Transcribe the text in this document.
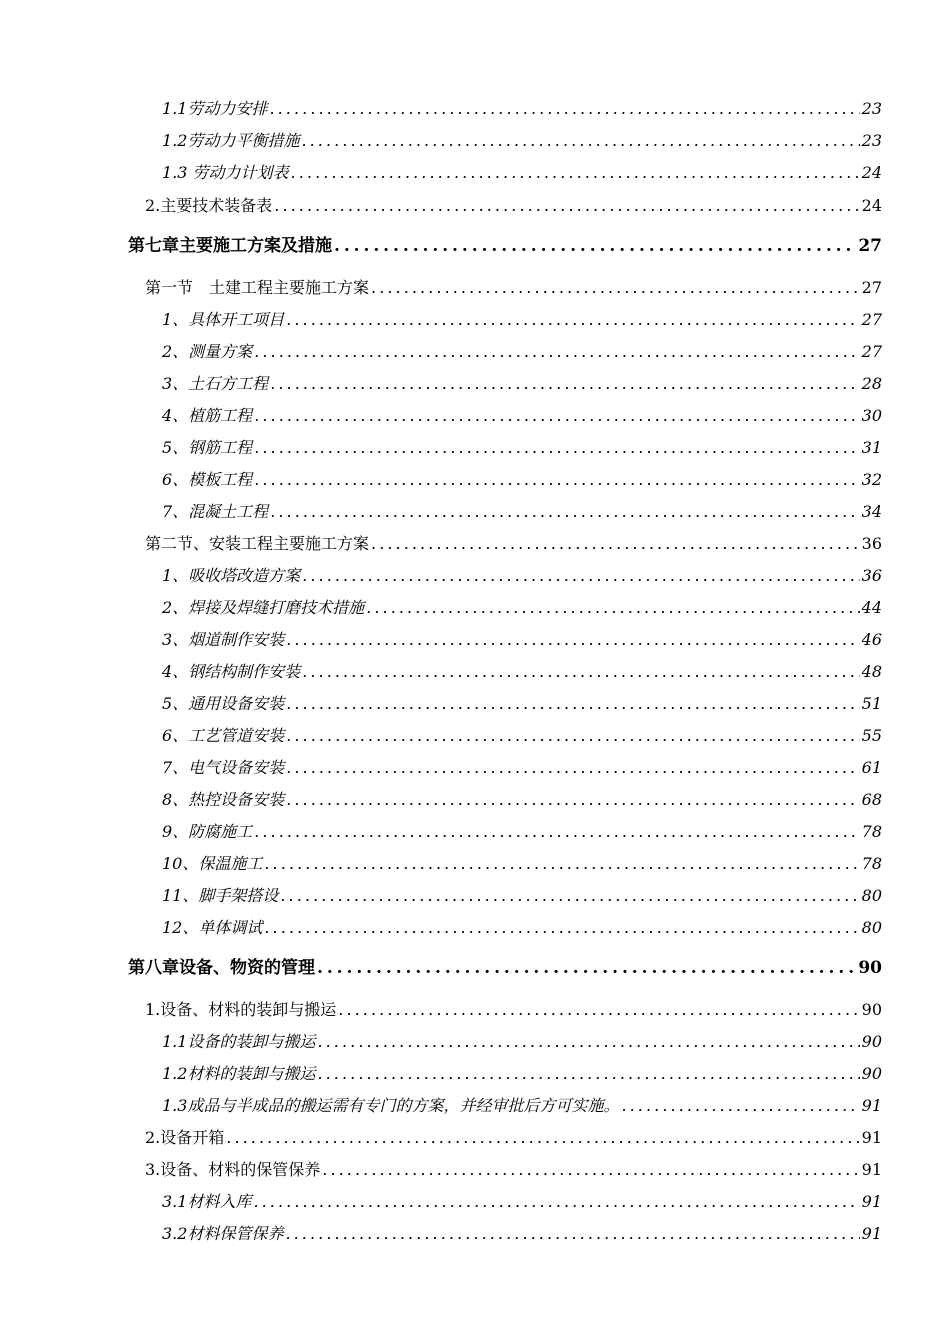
1.1劳动力安排 . . .	23
1.2劳动力平衡措施 . . .	23
1.3 劳动力计划表 . . .	24
2.主要技术装备表 . . .	24
第七章主要施工方案及措施 . . .	27
第一节　土建工程主要施工方案 . . .	27
1、具体开工项目 . . .	27
2、测量方案 . . .	27
3、土石方工程 . . .	28
4、植筋工程 . . .	30
5、钢筋工程 . . .	31
6、模板工程 . . .	32
7、混凝土工程 . . .	34
第二节、安装工程主要施工方案 . . .	36
1、吸收塔改造方案 . . .	36
2、焊接及焊缝打磨技术措施 . . .	44
3、烟道制作安装 . . .	46
4、钢结构制作安装 . . .	48
5、通用设备安装 . . .	51
6、工艺管道安装 . . .	55
7、电气设备安装 . . .	61
8、热控设备安装 . . .	68
9、防腐施工 . . .	78
10、保温施工 . . .	78
11、脚手架搭设 . . .	80
12、单体调试 . . .	80
第八章设备、物资的管理 . . .	90
1.设备、材料的装卸与搬运 . . .	90
1.1设备的装卸与搬运 . . .	90
1.2材料的装卸与搬运 . . .	90
1.3成品与半成品的搬运需有专门的方案，并经审批后方可实施。 . . .	91
2.设备开箱 . . .	91
3.设备、材料的保管保养 . . .	91
3.1材料入库 . . .	91
3.2材料保管保养 . . .	91
